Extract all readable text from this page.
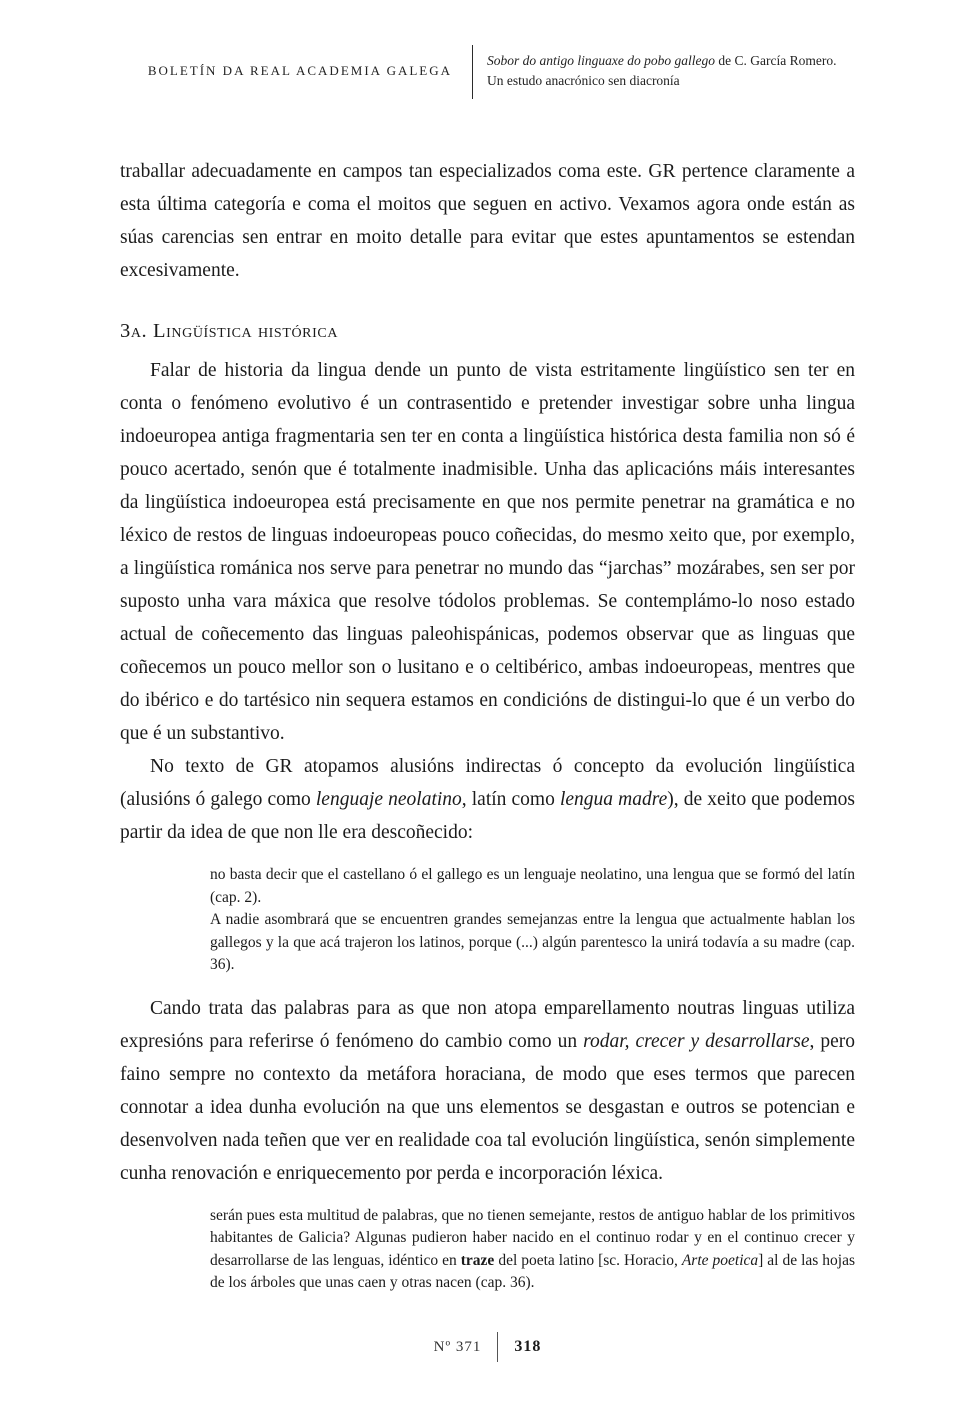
BOLETÍN DA REAL ACADEMIA GALEGA
Sobor do antigo linguaxe do pobo gallego de C. García Romero.
Un estudo anacrónico sen diacronía

traballar adecuadamente en campos tan especializados coma este. GR pertence claramente a esta última categoría e coma el moitos que seguen en activo. Vexamos agora onde están as súas carencias sen entrar en moito detalle para evitar que estes apuntamentos se estendan excesivamente.

3a. Lingüística histórica

Falar de historia da lingua dende un punto de vista estritamente lingüístico sen ter en conta o fenómeno evolutivo é un contrasentido e pretender investigar sobre unha lingua indoeuropea antiga fragmentaria sen ter en conta a lingüística histórica desta familia non só é pouco acertado, senón que é totalmente inadmisible. Unha das aplicacións máis interesantes da lingüística indoeuropea está precisamente en que nos permite penetrar na gramática e no léxico de restos de linguas indoeuropeas pouco coñecidas, do mesmo xeito que, por exemplo, a lingüística románica nos serve para penetrar no mundo das “jarchas” mozárabes, sen ser por suposto unha vara máxica que resolve tódolos problemas. Se contemplámo-lo noso estado actual de coñecemento das linguas paleohispánicas, podemos observar que as linguas que coñecemos un pouco mellor son o lusitano e o celtibérico, ambas indoeuropeas, mentres que do ibérico e do tartésico nin sequera estamos en condicións de distingui-lo que é un verbo do que é un substantivo.

No texto de GR atopamos alusións indirectas ó concepto da evolución lingüística (alusións ó galego como lenguaje neolatino, latín como lengua madre), de xeito que podemos partir da idea de que non lle era descoñecido:

no basta decir que el castellano ó el gallego es un lenguaje neolatino, una lengua que se formó del latín (cap. 2).

A nadie asombrará que se encuentren grandes semejanzas entre la lengua que actualmente hablan los gallegos y la que acá trajeron los latinos, porque (...) algún parentesco la unirá todavía a su madre (cap. 36).

Cando trata das palabras para as que non atopa emparellamento noutras linguas utiliza expresións para referirse ó fenómeno do cambio como un rodar, crecer y desarrollarse, pero faino sempre no contexto da metáfora horaciana, de modo que eses termos que parecen connotar a idea dunha evolución na que uns elementos se desgastan e outros se potencian e desenvolven nada teñen que ver en realidade coa tal evolución lingüística, senón simplemente cunha renovación e enriquecemento por perda e incorporación léxica.

serán pues esta multitud de palabras, que no tienen semejante, restos de antiguo hablar de los primitivos habitantes de Galicia? Algunas pudieron haber nacido en el continuo rodar y en el continuo crecer y desarrollarse de las lenguas, idéntico en traze del poeta latino [sc. Horacio, Arte poetica] al de las hojas de los árboles que unas caen y otras nacen (cap. 36).

Nº 371	318
